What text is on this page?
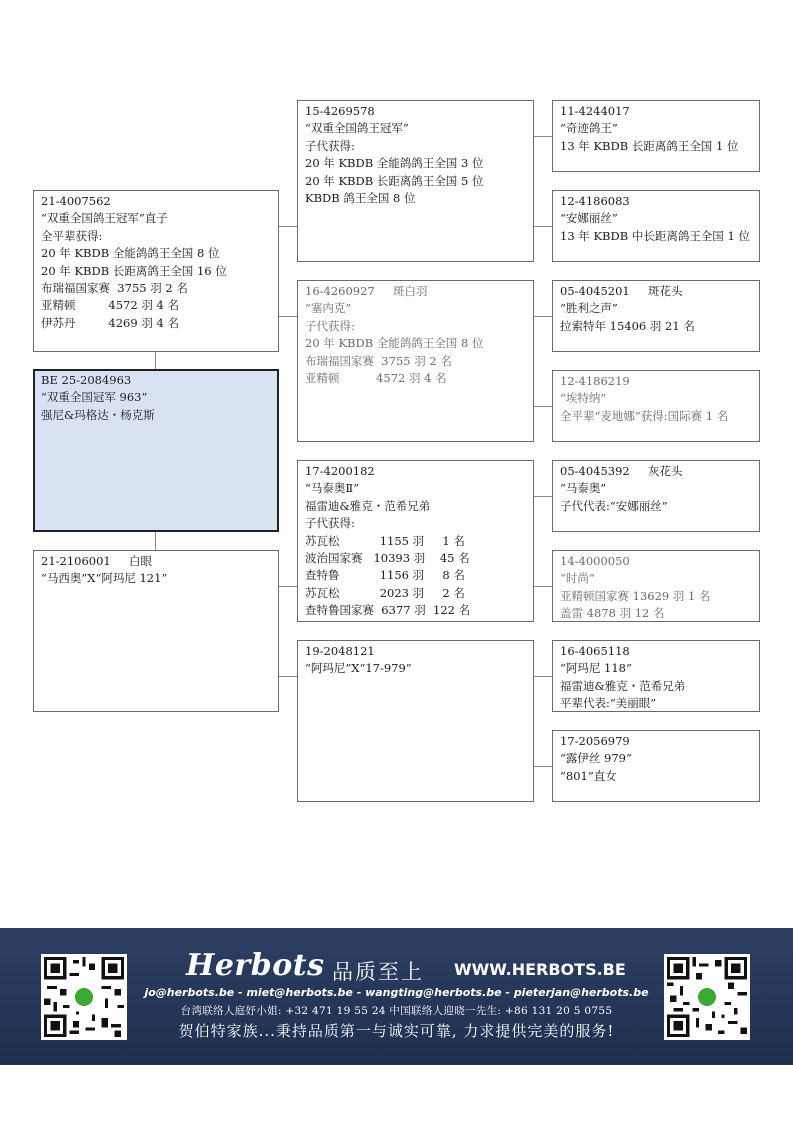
21-4007562
“双重全国鸽王冠军”直子
全平辈获得:
20 年 KBDB 全能鸽鸽王全国 8 位
20 年 KBDB 长距离鸽王全国 16 位
布瑞福国家赛  3755 羽 2 名
亚精顿         4572 羽 4 名
伊苏丹         4269 羽 4 名
BE 25-2084963
“双重全国冠军 963”
强尼&玛格达・杨克斯
21-2106001     白眼
“马西奥”X“阿玛尼 121”
15-4269578
“双重全国鸽王冠军”
子代获得:
20 年 KBDB 全能鸽鸽王全国 3 位
20 年 KBDB 长距离鸽王全国 5 位
KBDB 鸽王全国 8 位
16-4260927     斑白羽
“塞内克”
子代获得:
20 年 KBDB 全能鸽鸽王全国 8 位
布瑞福国家赛  3755 羽 2 名
亚精顿          4572 羽 4 名
17-4200182
“马泰奥Ⅱ”
福雷迪&雅克・范希兄弟
子代获得:
苏瓦松           1155 羽     1 名
波治国家赛   10393 羽    45 名
查特鲁           1156 羽     8 名
苏瓦松           2023 羽     2 名
查特鲁国家赛  6377 羽  122 名
19-2048121
“阿玛尼”X“17-979”
11-4244017
“奇迹鸽王”
13 年 KBDB 长距离鸽王全国 1 位
12-4186083
“安娜丽丝”
13 年 KBDB 中长距离鸽王全国 1 位
05-4045201     斑花头
“胜利之声”
拉索特年 15406 羽 21 名
12-4186219
“埃特纳”
全平辈“麦地娜”获得:国际赛 1 名
05-4045392     灰花头
“马泰奥”
子代代表:“安娜丽丝”
14-4000050
“时尚”
亚精顿国家赛 13629 羽 1 名
盖雷 4878 羽 12 名
16-4065118
“阿玛尼 118”
福雷迪&雅克・范希兄弟
平辈代表:“美丽眼”
17-2056979
“露伊丝 979”
“801”直女
Herbots 品质至上 WWW.HERBOTS.BE
jo@herbots.be - miet@herbots.be - wangting@herbots.be - pieterjan@herbots.be
台湾联络人庭妤小姐: +32 471 19 55 24 中国联络人迎晓一先生: +86 131 20 5 0755
贺伯特家族...秉持品质第一与诚实可靠, 力求提供完美的服务!
